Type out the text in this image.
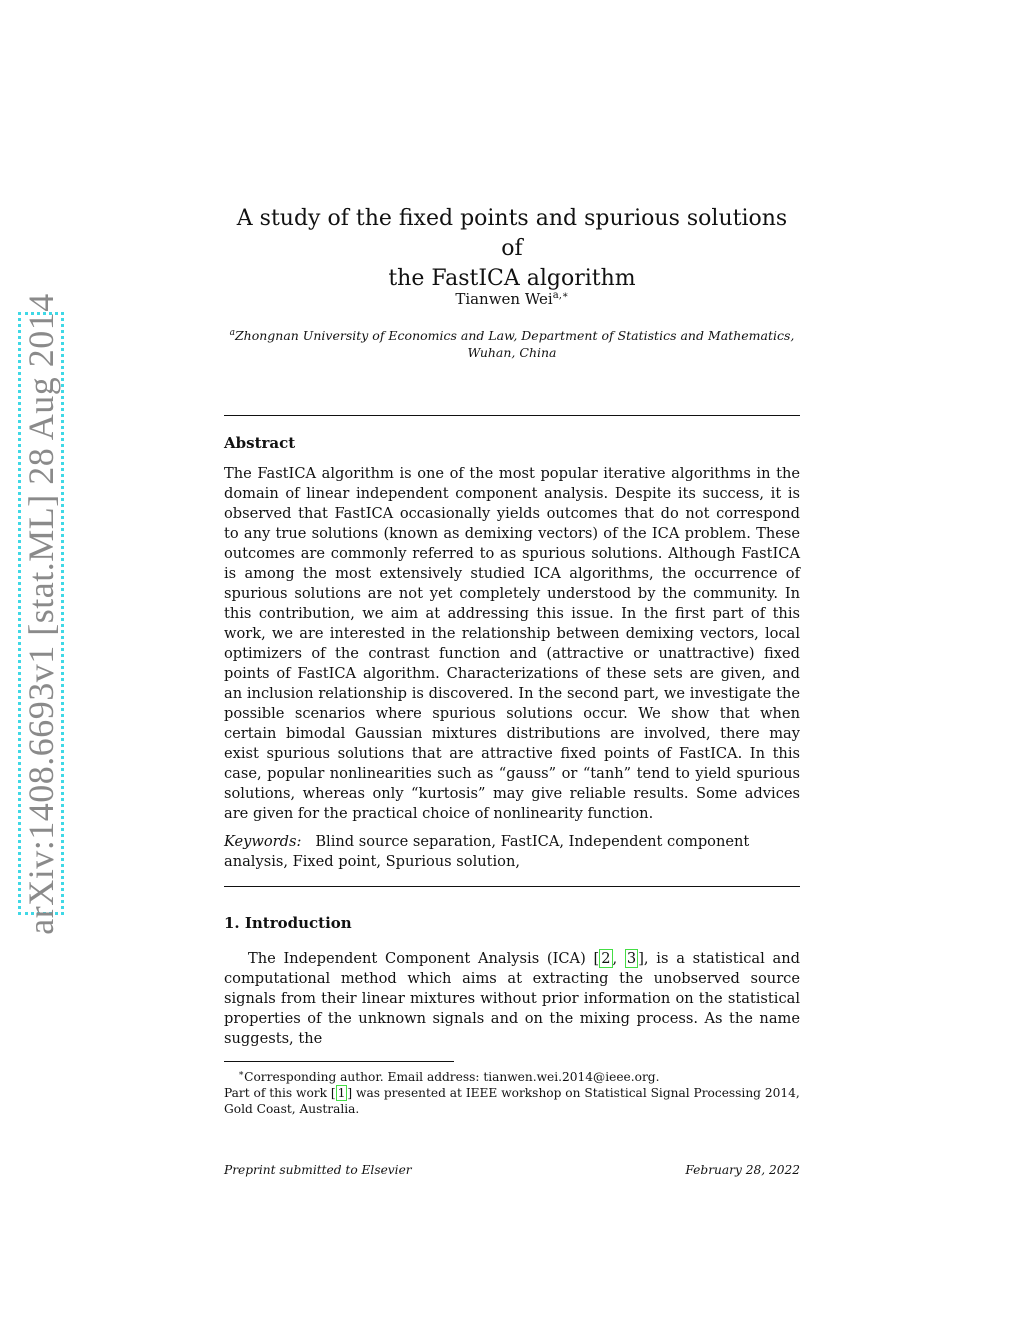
arXiv:1408.6693v1 [stat.ML] 28 Aug 2014
A study of the fixed points and spurious solutions of
the FastICA algorithm
Tianwen Wei$^{a,∗}$
$^a$Zhongnan University of Economics and Law, Department of Statistics and Mathematics,
Wuhan, China
Abstract
The FastICA algorithm is one of the most popular iterative algorithms in the domain of linear independent component analysis. Despite its success, it is observed that FastICA occasionally yields outcomes that do not correspond to any true solutions (known as demixing vectors) of the ICA problem. These outcomes are commonly referred to as spurious solutions. Although FastICA is among the most extensively studied ICA algorithms, the occurrence of spurious solutions are not yet completely understood by the community. In this contribution, we aim at addressing this issue. In the first part of this work, we are interested in the relationship between demixing vectors, local optimizers of the contrast function and (attractive or unattractive) fixed points of FastICA algorithm. Characterizations of these sets are given, and an inclusion relationship is discovered. In the second part, we investigate the possible scenarios where spurious solutions occur. We show that when certain bimodal Gaussian mixtures distributions are involved, there may exist spurious solutions that are attractive fixed points of FastICA. In this case, popular nonlinearities such as “gauss” or “tanh” tend to yield spurious solutions, whereas only “kurtosis” may give reliable results. Some advices are given for the practical choice of nonlinearity function.
Keywords: Blind source separation, FastICA, Independent component analysis, Fixed point, Spurious solution,
1. Introduction
The Independent Component Analysis (ICA) [ 2 , 3 ], is a statistical and computational method which aims at extracting the unobserved source signals from their linear mixtures without prior information on the statistical properties of the unknown signals and on the mixing process. As the name suggests, the

∗Corresponding author. Email address: tianwen.wei.2014@ieee.org.

Part of this work [ 1 ] was presented at IEEE workshop on Statistical Signal Processing 2014, Gold Coast, Australia.

Preprint submitted to Elsevier	February 28, 2022
